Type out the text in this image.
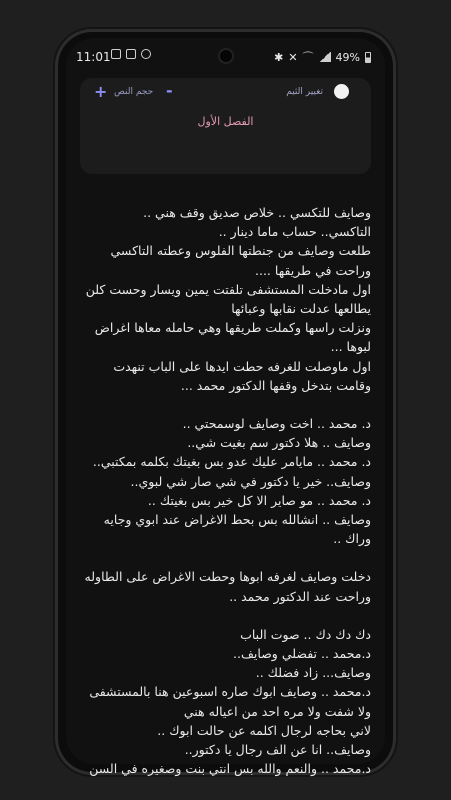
11:01	✱ ✕ ⌒ 49%
+ حجم النص -	تغيير الثيم
الفصل الأول

وصايف للتكسي .. خلاص صديق وقف هني ..
التاكسي.. حساب ماما دينار ..
طلعت وصايف من جنطتها الفلوس وعطته التاكسي وراحت في طريقها ....
اول مادخلت المستشفى تلفتت يمين ويسار وحست كلن يطالعها عدلت نقابها وعبائها
ونزلت راسها وكملت طريقها وهي حامله معاها اغراض لبوها ...
اول ماوصلت للغرفه حطت ايدها على الباب تنهدت وقامت بتدخل وقفها الدكتور محمد ...

د. محمد .. اخت وصايف لوسمحتي ..
وصايف .. هلا دكتور سم بغيت شي..
د. محمد .. مايامر عليك عدو بس بغيتك بكلمه بمكتبي..
وصايف.. خير يا دكتور في شي صار شي لبوي..
د. محمد .. مو صاير الا كل خير بس بغيتك ..
وصايف .. انشالله بس بحط الاغراض عند ابوي وجايه وراك ..

دخلت وصايف لغرفه ابوها وحطت الاغراض على الطاوله وراحت عند الدكتور محمد ..

دك دك دك .. صوت الباب
د.محمد .. تفضلي وصايف..
وصايف... زاد فضلك ..
د.محمد .. وصايف ابوك صاره اسبوعين هنا بالمستشفى ولا شفت ولا مره احد من اعياله هني
لاني بحاجه لرجال اكلمه عن حالت ابوك ..
وصايف.. انا عن الف رجال يا دكتور..
د.محمد .. والنعم والله بس انتي بنت وصغيره في السن
